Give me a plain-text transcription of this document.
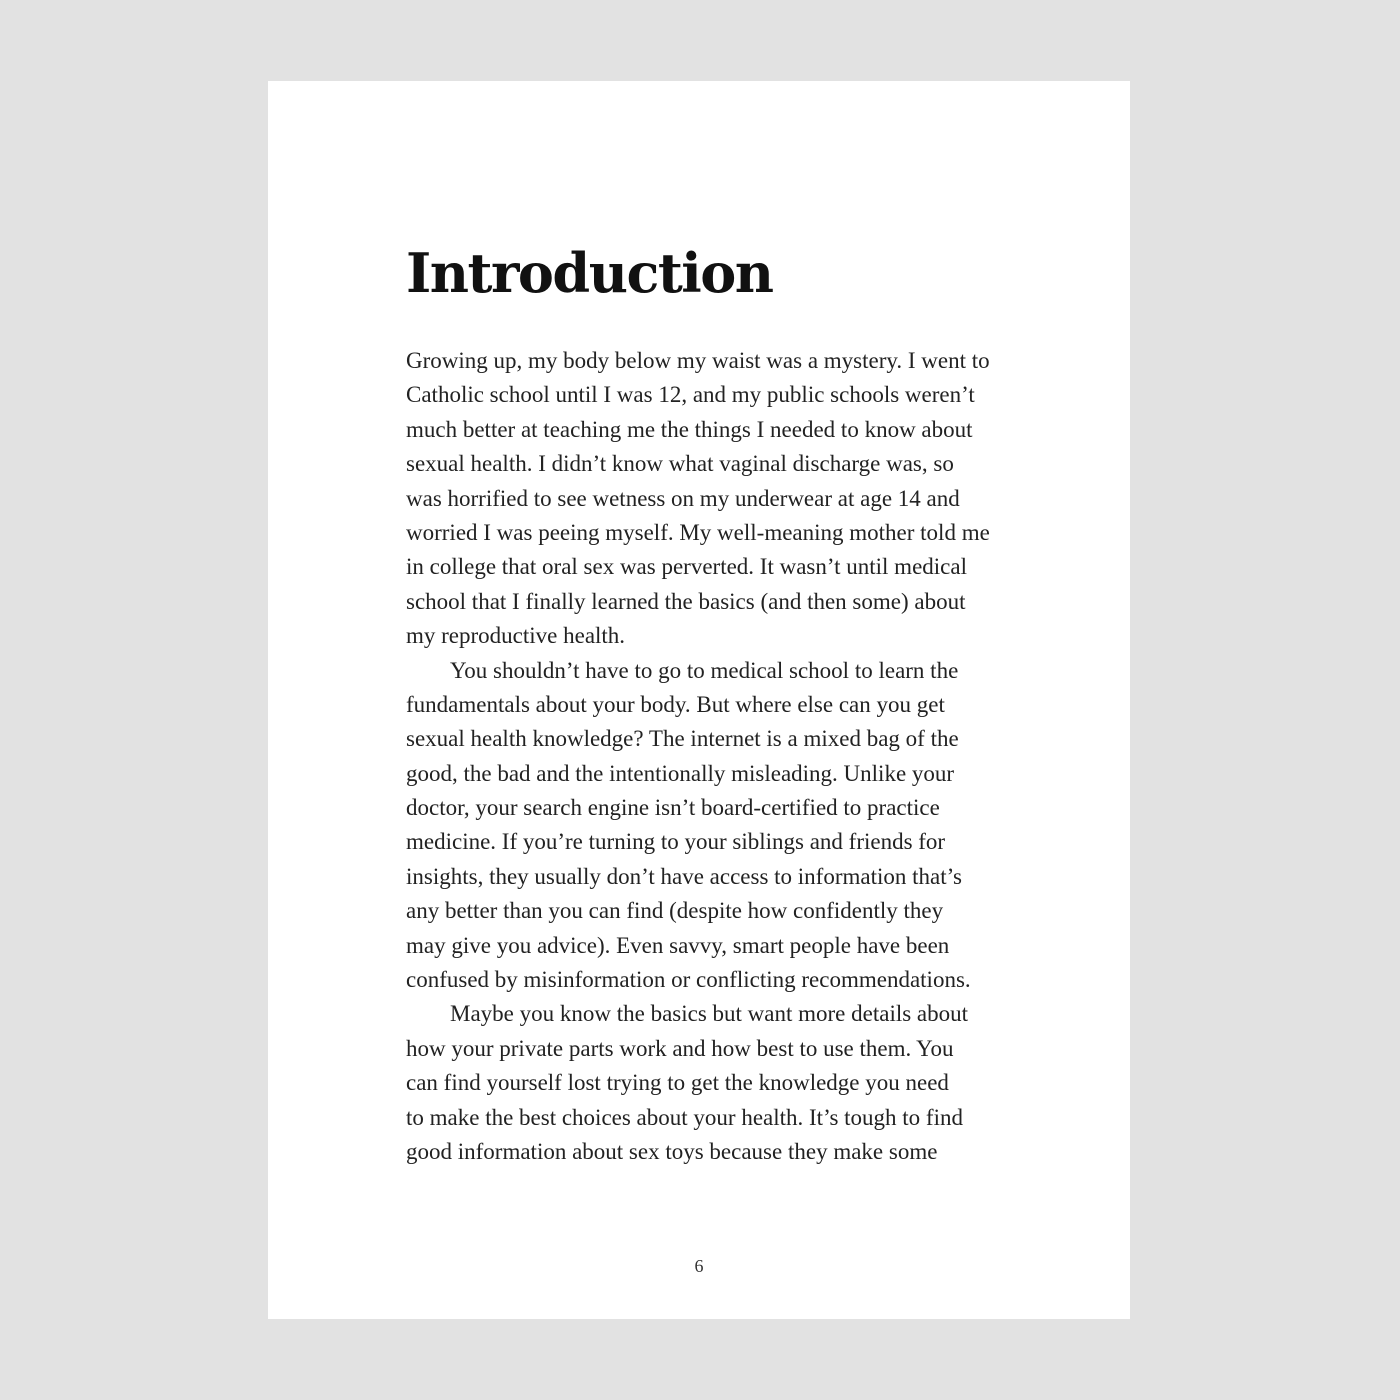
Introduction
Growing up, my body below my waist was a mystery. I went to
Catholic school until I was 12, and my public schools weren’t
much better at teaching me the things I needed to know about
sexual health. I didn’t know what vaginal discharge was, so
was horrified to see wetness on my underwear at age 14 and
worried I was peeing myself. My well-meaning mother told me
in college that oral sex was perverted. It wasn’t until medical
school that I finally learned the basics (and then some) about
my reproductive health.
You shouldn’t have to go to medical school to learn the
fundamentals about your body. But where else can you get
sexual health knowledge? The internet is a mixed bag of the
good, the bad and the intentionally misleading. Unlike your
doctor, your search engine isn’t board-certified to practice
medicine. If you’re turning to your siblings and friends for
insights, they usually don’t have access to information that’s
any better than you can find (despite how confidently they
may give you advice). Even savvy, smart people have been
confused by misinformation or conflicting recommendations.
Maybe you know the basics but want more details about
how your private parts work and how best to use them. You
can find yourself lost trying to get the knowledge you need
to make the best choices about your health. It’s tough to find
good information about sex toys because they make some
6
